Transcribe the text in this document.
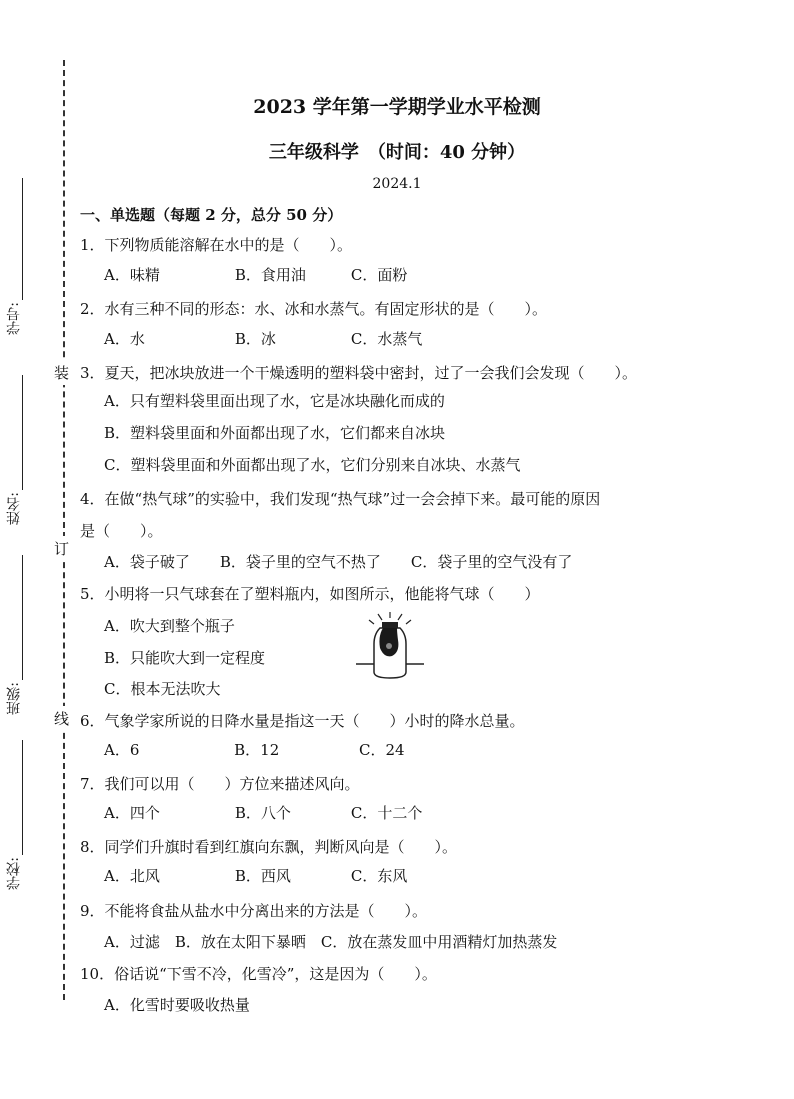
学号:
姓名:
班级:
学校:
装
订
线
2023 学年第一学期学业水平检测
三年级科学　（时间：40 分钟）
2024.1
一、单选题（每题 2 分，总分 50 分）
1．下列物质能溶解在水中的是（　　）。
A．味精　　　　　B．食用油　　　C．面粉
2．水有三种不同的形态：水、冰和水蒸气。有固定形状的是（　　）。
A．水　　　　　　B．冰　　　　　C．水蒸气
3．夏天，把冰块放进一个干燥透明的塑料袋中密封，过了一会我们会发现（　　）。
A．只有塑料袋里面出现了水，它是冰块融化而成的
B．塑料袋里面和外面都出现了水，它们都来自冰块
C．塑料袋里面和外面都出现了水，它们分别来自冰块、水蒸气
4．在做“热气球”的实验中，我们发现“热气球”过一会会掉下来。最可能的原因
是（　　）。
A．袋子破了　　B．袋子里的空气不热了　　C．袋子里的空气没有了
5．小明将一只气球套在了塑料瓶内，如图所示，他能将气球（　　）
A．吹大到整个瓶子
B．只能吹大到一定程度
C．根本无法吹大
6．气象学家所说的日降水量是指这一天（　　）小时的降水总量。
A．6　　　　　　 B．12　　　　　 C．24
7．我们可以用（　　）方位来描述风向。
A．四个　　　　　B．八个　　　　C．十二个
8．同学们升旗时看到红旗向东飘，判断风向是（　　）。
A．北风　　　　　B．西风　　　　C．东风
9．不能将食盐从盐水中分离出来的方法是（　　）。
A．过滤　B．放在太阳下暴晒　C．放在蒸发皿中用酒精灯加热蒸发
10．俗话说“下雪不冷，化雪冷”，这是因为（　　）。
A．化雪时要吸收热量
